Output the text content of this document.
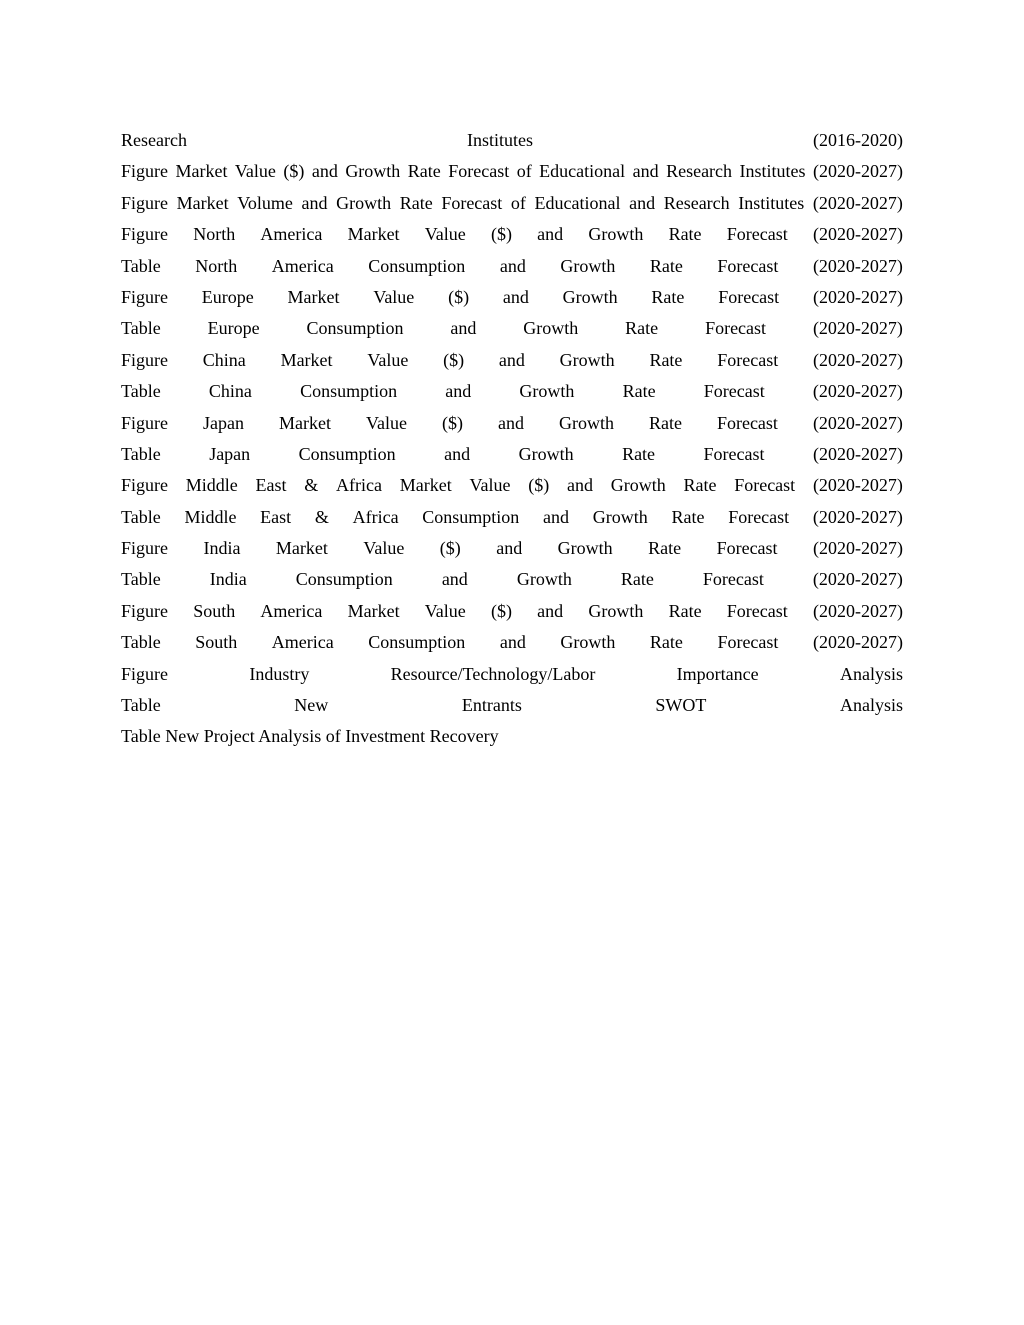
Research	Institutes	(2016-2020)
Figure Market Value ($) and Growth Rate Forecast of Educational and Research Institutes (2020-2027)
Figure Market Volume and Growth Rate Forecast of Educational and Research Institutes (2020-2027)
Figure North America Market Value ($) and Growth Rate Forecast (2020-2027)
Table North America Consumption and Growth Rate Forecast (2020-2027)
Figure Europe Market Value ($) and Growth Rate Forecast (2020-2027)
Table	Europe	Consumption	and	Growth	Rate	Forecast	(2020-2027)
Figure China Market Value ($) and Growth Rate Forecast (2020-2027)
Table	China	Consumption	and	Growth	Rate	Forecast	(2020-2027)
Figure Japan Market Value ($) and Growth Rate Forecast (2020-2027)
Table	Japan	Consumption	and	Growth	Rate	Forecast	(2020-2027)
Figure Middle East & Africa Market Value ($) and Growth Rate Forecast (2020-2027)
Table Middle East & Africa Consumption and Growth Rate Forecast (2020-2027)
Figure India Market Value ($) and Growth Rate Forecast (2020-2027)
Table	India	Consumption	and	Growth	Rate	Forecast	(2020-2027)
Figure South America Market Value ($) and Growth Rate Forecast (2020-2027)
Table South America Consumption and Growth Rate Forecast (2020-2027)
Figure	Industry	Resource/Technology/Labor	Importance	Analysis
Table	New	Entrants	SWOT	Analysis
Table New Project Analysis of Investment Recovery
